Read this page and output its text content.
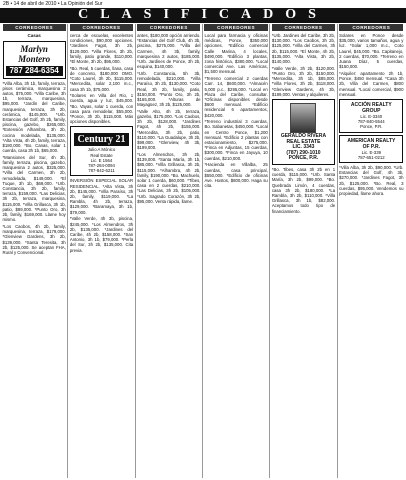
2B • 14 de abril de 2010 • La Opinión del Sur
CLASIFICADOS
CORREDORES
Casas
Marlyn Montero
787 284-6354

*Villa Alba, 3h 1b, family, terraza, pisos cerámica, marquesina 2 autos, $75,000. *Villa Caribe, 3h 1b, terraza, marquesina, $95,000. *Jardín del Caribe, marquesina, terraza, 3h 2b, cerámica, $145,000. *Urb. Estancias del Golf, 3h 2b, family, piscina, gazebo, $265,000. *Extensión Alhambra, 3h 2b, cocina modelada, $135,000. *Alta Vista, 4h 2b, family, terraza, $180,000. *Bo. Canas, solar 1 cuerda, casa 3h 1b, $65,000.

*Mansiones del Sur, 4h 3b, family, terraza, piscina, gazebo, marquesina 2 autos, $325,000. *Villa del Carmen, 3h 2b, remodelada, $149,000. *El Tuque, 3h 1b, $69,000. *Urb. Constancia, 3h 2b, family, terraza, $159,000. *Las Delicias, 3h 2b, terraza, marquesina, $115,000. *Villa Grillasca, 3h 1b, patio, $89,000. *Punto Oro, 3h 2b, family, $169,000. Llame hoy mismo.

*Los Caobos, 4h 2b, family, marquesina, terraza, $179,000. *Glenview Gardens, 3h 2b, $139,000. *Santa Teresita, 3h 2b, $125,000. Se aceptan FHA, Rural y Convencional.

CORREDORES

cerca de escuelas, excelentes condiciones, $90,000 opciones. *Jardines Fagot, 3h 2b, $129,000. *Villa Flores, 3h 2b, family, patio grande, $110,000. *El Monte, 3h 2b, $95,000.

*Bo. Real, 5 cuerdas, llana, casa de concreto, $180,000 OMO. *Coto Laurel, 3h 2b, $115,000. *Mercedita, solar 2,100 m.c., casa 3h 1b, $75,000.

*Solares en Villa del Rio, 1 cuerda, agua y luz, $45,000. *Bo. Vayas, solar 1 cuerda, con casa para remodelar, $55,000. *Ponce, 3h 2b, $115,000. Más opciones disponibles.

Century 21
Julio A Mónico
Real Estate
Lic. E 1564
787-284-0094
787-842-6211

INVERSIÓN ESPECIAL SOLAR RESIDENCIAL. *Alta Vista, 3h 2b, $145,000. *Villa Paraíso, 3h 2b, family, $119,000. *La Rambla, 4h 2b, terraza, $129,000. *Baramaya, 3h 1b, $79,000.

*Valle Verde, 4h 3b, piscina, $245,000. *Los Almendros, 3h 2b, $135,000. *Jardines del Caribe, 4h 2b, $158,000. *San Antonio, 3h 1b, $79,000. *Perla del Sur, 3h 2b, $135,000. Cita previa.

CORREDORES

antes, $180,000 opción arriendo. *Estancias del Golf Club, 4h 3b, piscina, $275,000. *Villa del Carmen, 4h 3b, family, marquesina 2 autos, $185,000. *Urb. Jardines de Ponce, 3h 2b, esquina, $140,000.

*Urb. Constancia, 5h 3b, remodelada, $210,000. *Villa Paraíso, 3h 2b, $130,000. *Coto Real, 3h 2b, family, patio, $150,000. *Punto Oro, 3h 2b, $165,000. *Alturas de Mayagüez, 3h 2b, $125,000.

*Valle Alto, 4h 2b, terraza, gazebo, $175,000. *Los Caobos, 3h 2b, $128,000. *Jardines Fagot, 4h 2b, $155,000. *Mercedita, 3h 2b, patio, $110,000. *La Guadalupe, 3h 2b, $99,000. *Glenview, 4h 3b, $199,000.

*Los Almendros, 3h 2b, $139,000. *Santa María, 3h 1b, $85,000. *Villa Grillasca, 3h 2b, $115,000. *Alhambra, 4h 2b, family, $190,000. *Bo. Machuelo, solar 1 cuerda, $60,000. *Tibes, casa en 2 cuerdas, $210,000. *Las Delicias, 3h 2b, $105,000. *Urb. Sagrado Corazón, 3h 2b, $95,000. Venta rápida, llame.

CORREDORES

Local para farmacia y oficinas médicas, Ponce, $350,000 opciones. *Edificio comercial Calle Marina, 4 locales, $490,000. *Edificio 3 plantas, zona histórica, $380,000. *Local comercial Ave. Las Américas, $1,500 mensual.

*Terreno comercial 2 cuerdas Carr. 14, $600,000. *Almacén 5,000 p.c., $295,000. *Local en Plaza del Caribe, consultar. *Oficinas disponibles desde $600 mensual. *Edificio residencial 6 apartamentos, $420,000.

*Terreno industrial 3 cuerdas, Bo. Sabanetas, $450,000. *Local en Centro Ponce, $1,200 mensual. *Edificio 2 plantas con estacionamiento, $275,000. *Finca en Adjuntas, 15 cuerdas, $300,000. *Finca en Jayuya, 10 cuerdas, $210,000.

*Hacienda en Villalba, 25 cuerdas, casa principal, $550,000. *Edificio de oficinas Ave. Hostos, $800,000. Haga su cita.

CORREDORES

*Urb. Jardines del Caribe, 3h 2b, $130,000. *Los Caobos, 3h 2b, $125,000. *Villa del Carmen, 3h 2b, $115,000. *El Monte, 4h 2b, $135,000. *Alta Vista, 3h 2b, $140,000.

*Valle Verde, 3h 2b, $120,000. *Punto Oro, 3h 2b, $150,000. *Mercedita, 3h 1b, $85,000. *Villa Flores, 3h 2b, $118,000. *Glenview Gardens, 4h 3b, $189,000. Ventas y alquileres.

GERALDO RIVERA
REAL ESTATE
LIC. 3343
(787) 290-1010
PONCE, P.R.

*Bo. Tibes, casa 3h 2b en 1 cuerda, $115,000. *Urb. Santa María, 3h 2b, $99,000. *Bo. Quebrada Limón, 4 cuerdas, casa 3h 2b, $180,000. *La Rambla, 3h 2b, $110,000. *Villa Grillasca, 3h 1b, $82,000. Aceptamos todo tipo de financiamiento.

CORREDORES

Solares en Ponce desde $35,000, varios tamaños, agua y luz. *Solar 1,000 m.c., Coto Laurel, $45,000. *Bo. Capitanejo, 2 cuerdas, $70,000. *Terreno en Juana Díaz, 5 cuerdas, $150,000.

*Alquiler: apartamento 2h 1b, Ponce, $450 mensual. *Casa 3h 2b, Villa del Carmen, $800 mensual. *Local comercial, $900 mensual.

ACCIÓN REALTY
GROUP
Lic. E-3340
787-840-5544
Ponce, P.R.
AMERICAN REALTY
OF P.R.
Lic. E-339
787-651-0212

*Villa Alba, 3h 2b, $90,000. *Urb. Estancias del Golf, 4h 3b, $270,000. *Jardines Fagot, 3h 2b, $125,000. *Bo. Real, 3 cuerdas, $95,000. Vendemos su propiedad, llame ahora.
